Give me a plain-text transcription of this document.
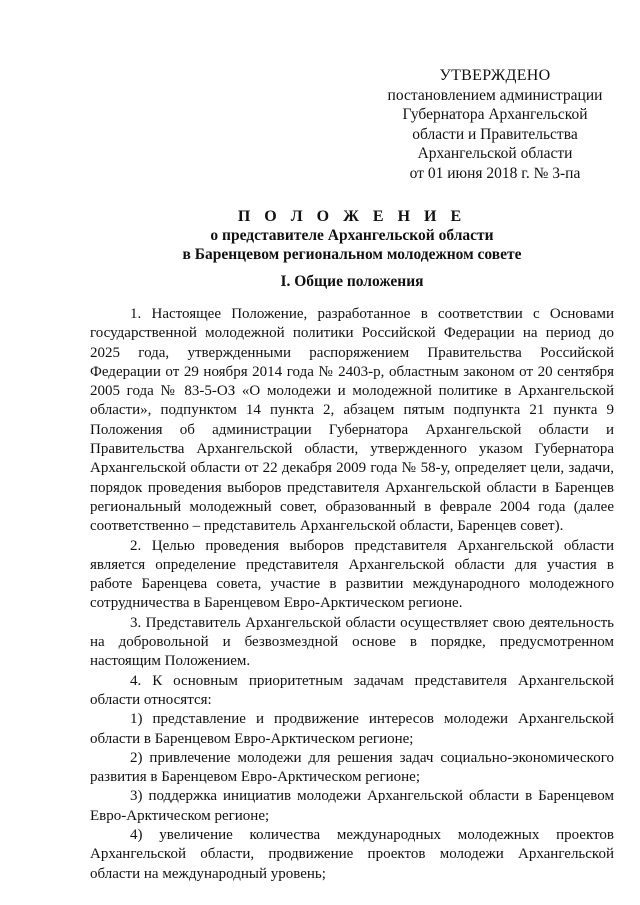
УТВЕРЖДЕНО
постановлением администрации
Губернатора Архангельской
области и Правительства
Архангельской области
от 01 июня 2018 г. № 3-па
П О Л О Ж Е Н И Е
о представителе Архангельской области
в Баренцевом региональном молодежном совете
I. Общие положения

1. Настоящее Положение, разработанное в соответствии с Основами государственной молодежной политики Российской Федерации на период до 2025 года, утвержденными распоряжением Правительства Российской Федерации от 29 ноября 2014 года № 2403-р, областным законом от 20 сентября 2005 года № 83-5-ОЗ «О молодежи и молодежной политике в Архангельской области», подпунктом 14 пункта 2, абзацем пятым подпункта 21 пункта 9 Положения об администрации Губернатора Архангельской области и Правительства Архангельской области, утвержденного указом Губернатора Архангельской области от 22 декабря 2009 года № 58-у, определяет цели, задачи, порядок проведения выборов представителя Архангельской области в Баренцев региональный молодежный совет, образованный в феврале 2004 года (далее соответственно – представитель Архангельской области, Баренцев совет).

2. Целью проведения выборов представителя Архангельской области является определение представителя Архангельской области для участия в работе Баренцева совета, участие в развитии международного молодежного сотрудничества в Баренцевом Евро-Арктическом регионе.

3. Представитель Архангельской области осуществляет свою деятельность на добровольной и безвозмездной основе в порядке, предусмотренном настоящим Положением.

4. К основным приоритетным задачам представителя Архангельской области относятся:

1) представление и продвижение интересов молодежи Архангельской области в Баренцевом Евро-Арктическом регионе;

2) привлечение молодежи для решения задач социально-экономического развития в Баренцевом Евро-Арктическом регионе;

3) поддержка инициатив молодежи Архангельской области в Баренцевом Евро-Арктическом регионе;

4) увеличение количества международных молодежных проектов Архангельской области, продвижение проектов молодежи Архангельской области на международный уровень;
